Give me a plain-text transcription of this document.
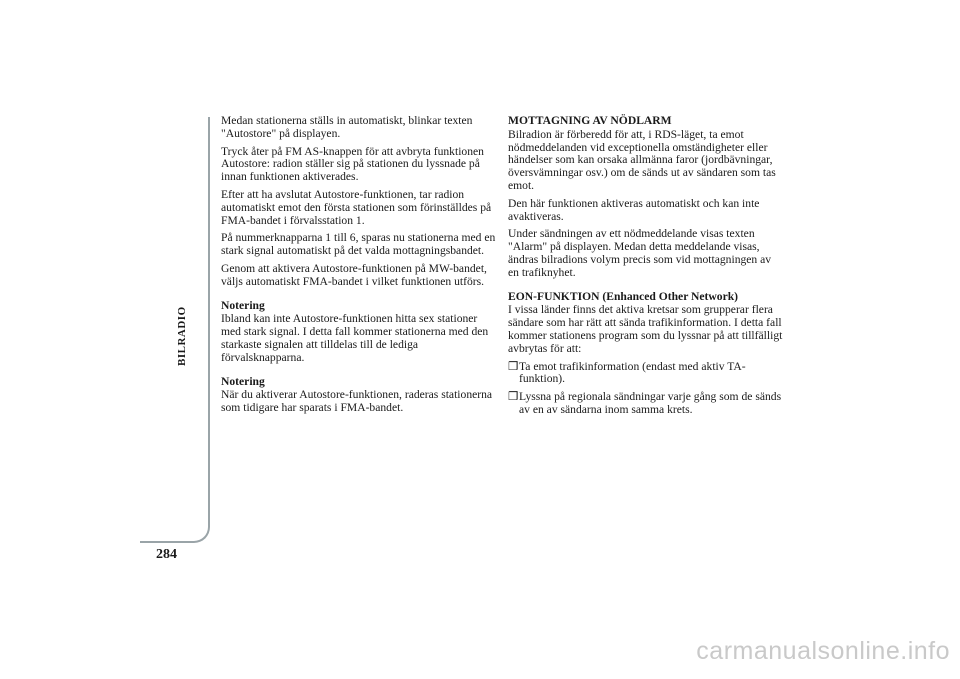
BILRADIO
284

Medan stationerna ställs in automatiskt, blinkar texten "Autostore" på displayen.

Tryck åter på FM AS-knappen för att avbryta funktionen Autostore: radion ställer sig på stationen du lyssnade på innan funktionen aktiverades.

Efter att ha avslutat Autostore-funktionen, tar radion automatiskt emot den första stationen som förinställdes på FMA-bandet i förvalsstation 1.

På nummerknapparna 1 till 6, sparas nu stationerna med en stark signal automatiskt på det valda mottagningsbandet.

Genom att aktivera Autostore-funktionen på MW-bandet, väljs automatiskt FMA-bandet i vilket funktionen utförs.

Notering

Ibland kan inte Autostore-funktionen hitta sex stationer med stark signal. I detta fall kommer stationerna med den starkaste signalen att tilldelas till de lediga förvalsknapparna.

Notering

När du aktiverar Autostore-funktionen, raderas stationerna som tidigare har sparats i FMA-bandet.

MOTTAGNING AV NÖDLARM

Bilradion är förberedd för att, i RDS-läget, ta emot nödmeddelanden vid exceptionella omständigheter eller händelser som kan orsaka allmänna faror (jordbävningar, översvämningar osv.) om de sänds ut av sändaren som tas emot.

Den här funktionen aktiveras automatiskt och kan inte avaktiveras.

Under sändningen av ett nödmeddelande visas texten "Alarm" på displayen. Medan detta meddelande visas, ändras bilradions volym precis som vid mottagningen av en trafiknyhet.

EON-FUNKTION (Enhanced Other Network)

I vissa länder finns det aktiva kretsar som grupperar flera sändare som har rätt att sända trafikinformation. I detta fall kommer stationens program som du lyssnar på att tillfälligt avbrytas för att:

❒ Ta emot trafikinformation (endast med aktiv TA-funktion).
❒ Lyssna på regionala sändningar varje gång som de sänds av en av sändarna inom samma krets.
carmanualsonline.info
